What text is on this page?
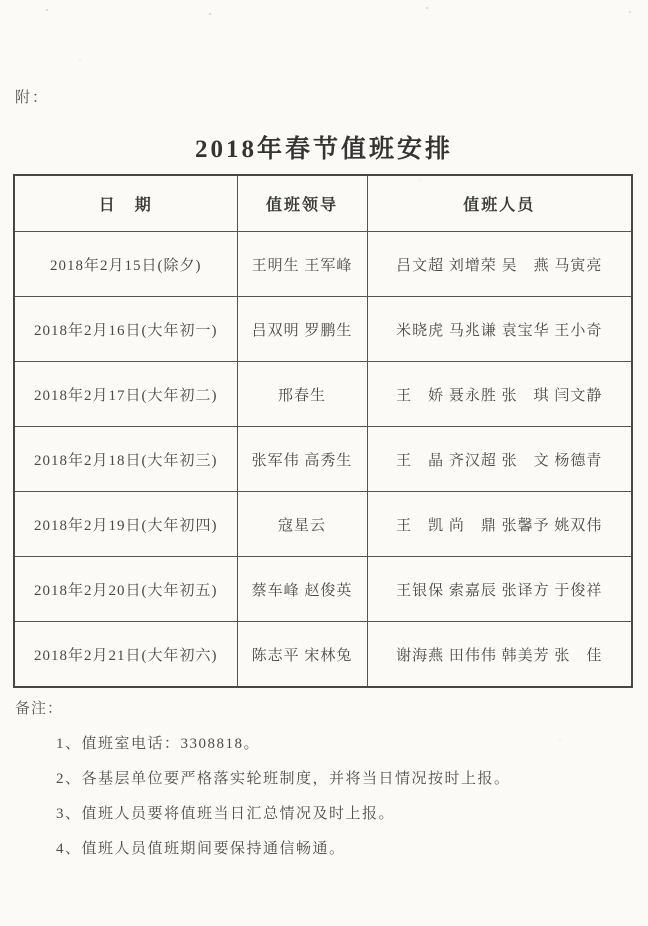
附：
2018年春节值班安排
日　期	值班领导	值班人员
2018年2月15日(除夕)	王明生 王军峰	吕文超 刘增荣 吴　燕 马寅亮
2018年2月16日(大年初一)	吕双明 罗鹏生	米晓虎 马兆谦 袁宝华 王小奇
2018年2月17日(大年初二)	邢春生	王　娇 聂永胜 张　琪 闫文静
2018年2月18日(大年初三)	张军伟 高秀生	王　晶 齐汉超 张　文 杨德青
2018年2月19日(大年初四)	寇星云	王　凯 尚　鼎 张馨予 姚双伟
2018年2月20日(大年初五)	蔡车峰 赵俊英	王银保 索嘉辰 张译方 于俊祥
2018年2月21日(大年初六)	陈志平 宋林兔	谢海燕 田伟伟 韩美芳 张　佳
备注：
1、值班室电话：3308818。
2、各基层单位要严格落实轮班制度，并将当日情况按时上报。
3、值班人员要将值班当日汇总情况及时上报。
4、值班人员值班期间要保持通信畅通。
